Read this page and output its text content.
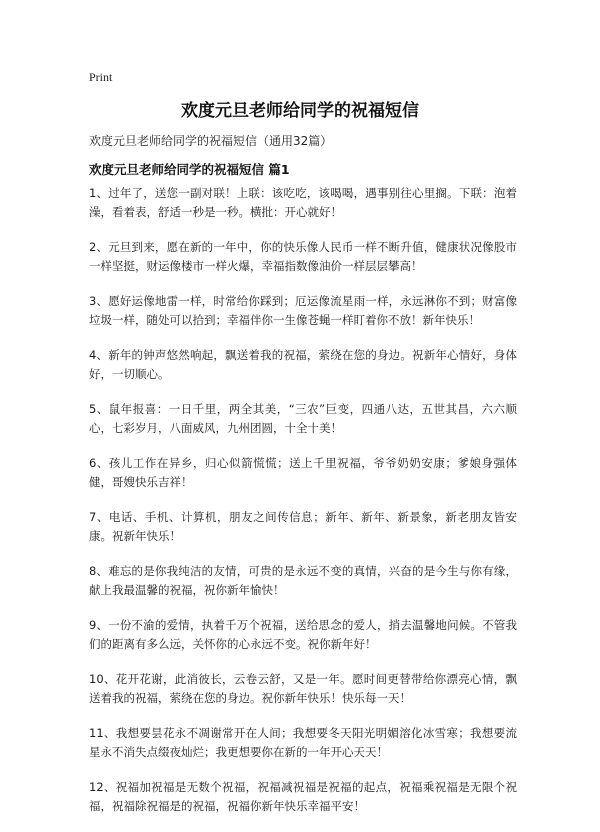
Print
欢度元旦老师给同学的祝福短信
欢度元旦老师给同学的祝福短信（通用32篇）
欢度元旦老师给同学的祝福短信 篇1

1、过年了，送您一副对联！上联：该吃吃，该喝喝，遇事别往心里搁。下联：泡着澡，看着表，舒适一秒是一秒。横批：开心就好！

2、元旦到来，愿在新的一年中，你的快乐像人民币一样不断升值，健康状况像股市一样坚挺，财运像楼市一样火爆，幸福指数像油价一样层层攀高！

3、愿好运像地雷一样，时常给你踩到；厄运像流星雨一样，永远淋你不到；财富像垃圾一样，随处可以拾到；幸福伴你一生像苍蝇一样盯着你不放！新年快乐！

4、新年的钟声悠然响起，飘送着我的祝福，萦绕在您的身边。祝新年心情好，身体好，一切顺心。

5、鼠年报喜：一日千里，两全其美，“三农”巨变，四通八达，五世其昌，六六顺心，七彩岁月，八面威风，九州团圆，十全十美！

6、孩儿工作在异乡，归心似箭慌慌；送上千里祝福，爷爷奶奶安康；爹娘身强体健，哥嫂快乐吉祥！

7、电话、手机、计算机，朋友之间传信息；新年、新年、新景象，新老朋友皆安康。祝新年快乐！

8、难忘的是你我纯洁的友情，可贵的是永远不变的真情，兴奋的是今生与你有缘，献上我最温馨的祝福，祝你新年愉快！

9、一份不渝的爱情，执着千万个祝福，送给思念的爱人，捎去温馨地问候。不管我们的距离有多么远，关怀你的心永远不变。祝你新年好！

10、花开花谢，此消彼长，云卷云舒，又是一年。愿时间更替带给你漂亮心情，飘送着我的祝福，萦绕在您的身边。祝你新年快乐！快乐每一天！

11、我想要昙花永不凋谢常开在人间；我想要冬天阳光明媚溶化冰雪寒；我想要流星永不消失点缀夜灿烂；我更想要你在新的一年开心天天！

12、祝福加祝福是无数个祝福，祝福减祝福是祝福的起点，祝福乘祝福是无限个祝福，祝福除祝福是的祝福，祝福你新年快乐幸福平安！
